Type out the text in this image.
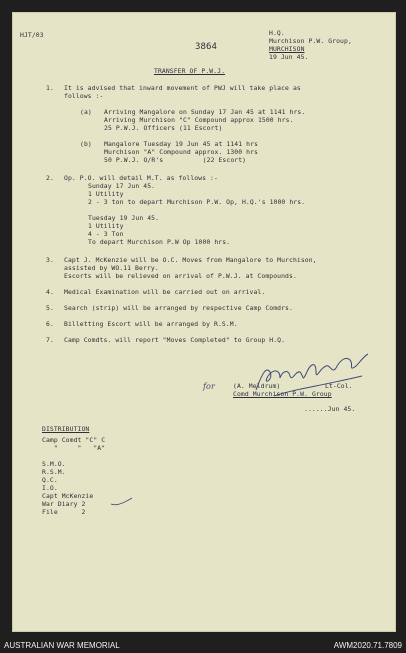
HJT/03
3864
H.Q.
Murchison P.W. Group,
MURCHISON
19 Jun 45.
TRANSFER OF P.W.J.
1. It is advised that inward movement of PWJ will take place as
follows :-
(a) Arriving Mangalore on Sunday 17 Jan 45 at 1141 hrs.
Arriving Murchison "C" Compound approx 1500 hrs.
25 P.W.J. Officers (11 Escort)
(b) Mangalore Tuesday 19 Jun 45 at 1141 hrs
Murchison "A" Compound approx. 1300 hrs
50 P.W.J. O/R's          (22 Escort)
2. Op. P.O. will detail M.T. as follows :-
Sunday 17 Jun 45.
1 Utility
2 - 3 ton to depart Murchison P.W. Op, H.Q.'s 1000 hrs.
Tuesday 19 Jun 45.
1 Utility
4 - 3 Ton
To depart Murchison P.W Op 1000 hrs.
3. Capt J. McKenzie will be O.C. Moves from Mangalore to Murchison,
assisted by WO.11 Berry.
Escorts will be relieved on arrival of P.W.J. at Compounds.
4. Medical Examination will be carried out on arrival.
5. Search (strip) will be arranged by respective Camp Comdrs.
6. Billetting Escort will be arranged by R.S.M.
7. Camp Comdts. will report "Moves Completed" to Group H.Q.
for	(A. Meldrum)	Lt-Col.
Comd Murchison P.W. Group
......Jun 45.
DISTRIBUTION
Camp Comdt "C" C
"     "   "A"
S.M.O.
R.S.M.
Q.C.
I.O.
Capt McKenzie
War Diary 2
File      2
AUSTRALIAN WAR MEMORIAL	AWM2020.71.7809
